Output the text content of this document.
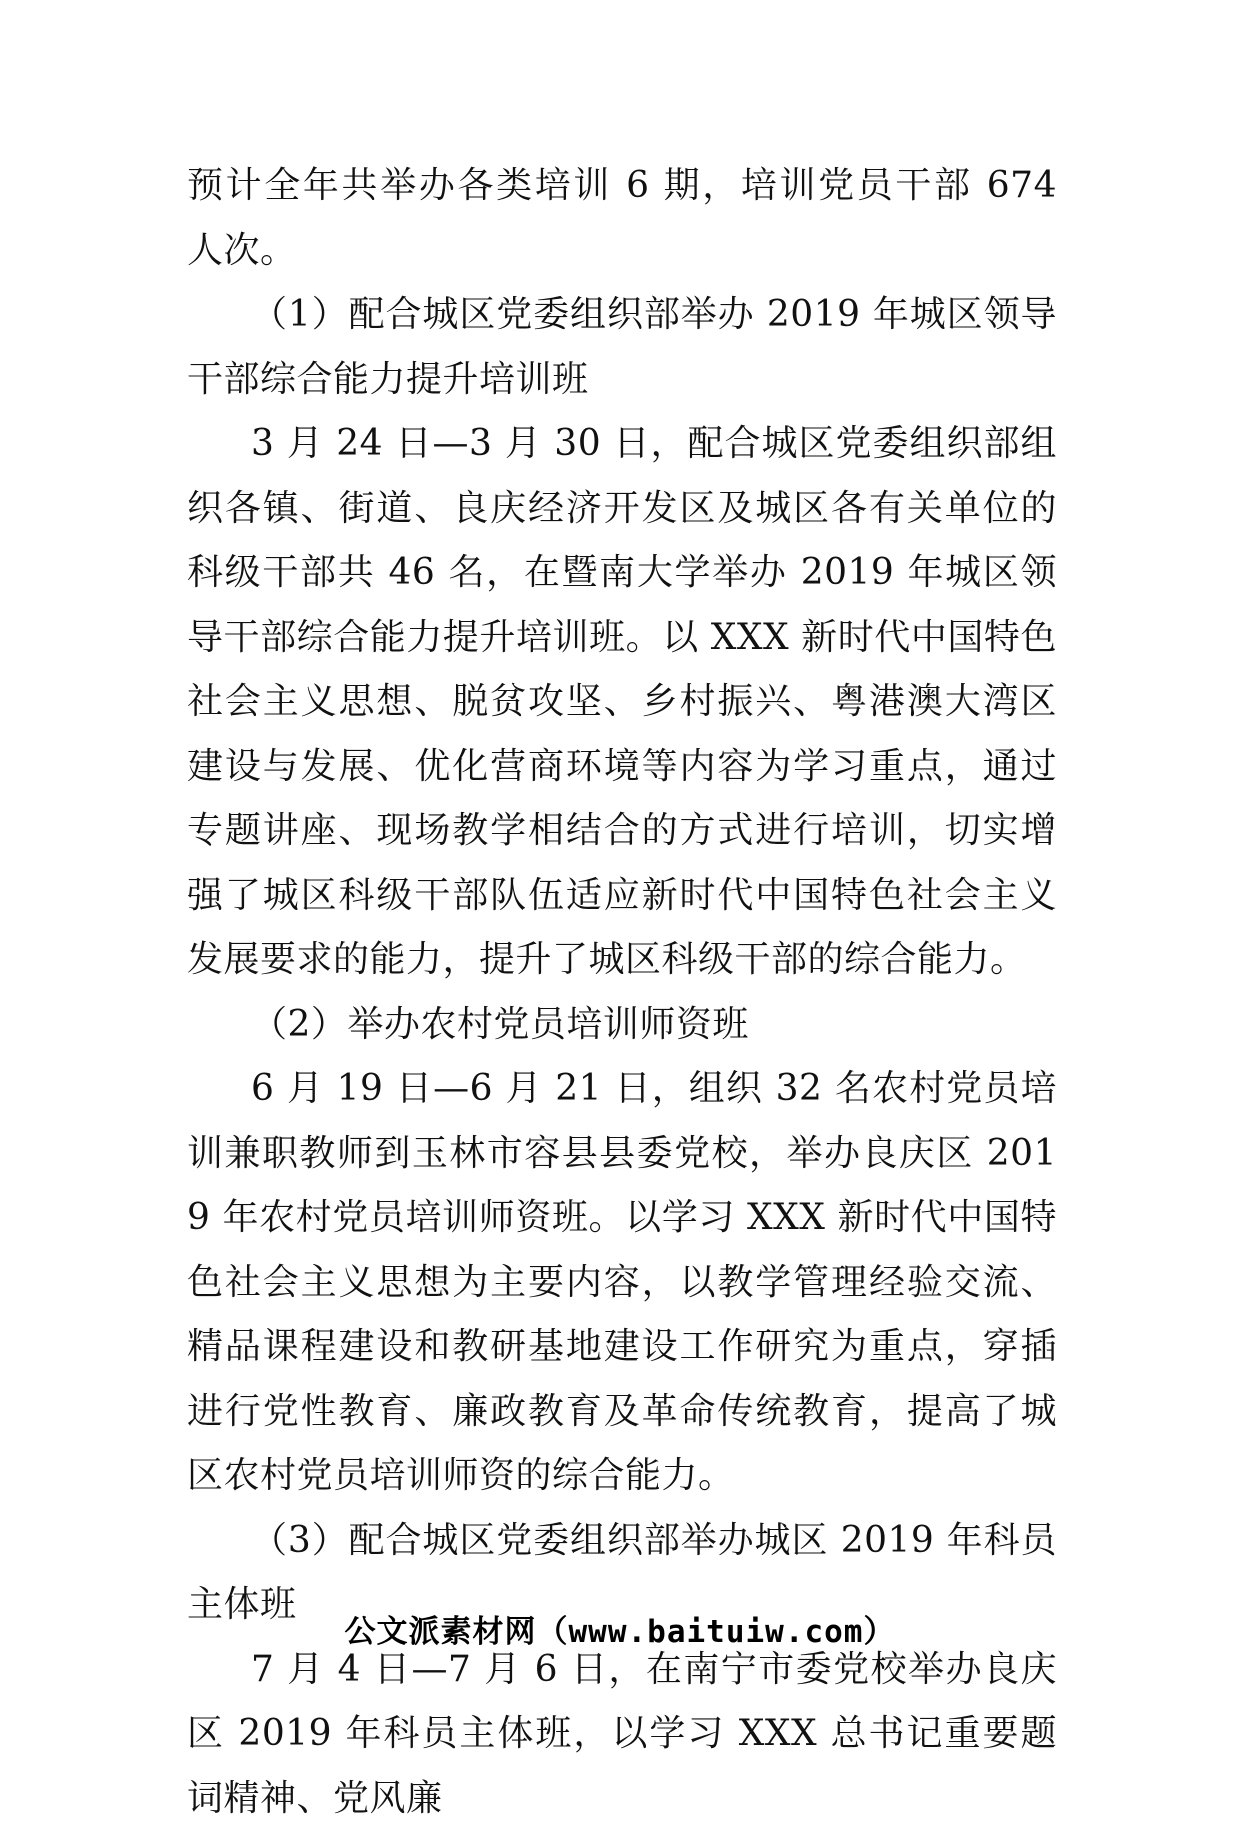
预计全年共举办各类培训 6 期，培训党员干部 674 人次。

（1）配合城区党委组织部举办 2019 年城区领导干部综合能力提升培训班

3 月 24 日—3 月 30 日，配合城区党委组织部组织各镇、街道、良庆经济开发区及城区各有关单位的科级干部共 46 名，在暨南大学举办 2019 年城区领导干部综合能力提升培训班。以 XXX 新时代中国特色社会主义思想、脱贫攻坚、乡村振兴、粤港澳大湾区建设与发展、优化营商环境等内容为学习重点，通过专题讲座、现场教学相结合的方式进行培训，切实增强了城区科级干部队伍适应新时代中国特色社会主义发展要求的能力，提升了城区科级干部的综合能力。

（2）举办农村党员培训师资班

6 月 19 日—6 月 21 日，组织 32 名农村党员培训兼职教师到玉林市容县县委党校，举办良庆区 2019 年农村党员培训师资班。以学习 XXX 新时代中国特色社会主义思想为主要内容，以教学管理经验交流、精品课程建设和教研基地建设工作研究为重点，穿插进行党性教育、廉政教育及革命传统教育，提高了城区农村党员培训师资的综合能力。

（3）配合城区党委组织部举办城区 2019 年科员主体班

7 月 4 日—7 月 6 日，在南宁市委党校举办良庆区 2019 年科员主体班，以学习 XXX 总书记重要题词精神、党风廉

公文派素材网（www.baituiw.com）
